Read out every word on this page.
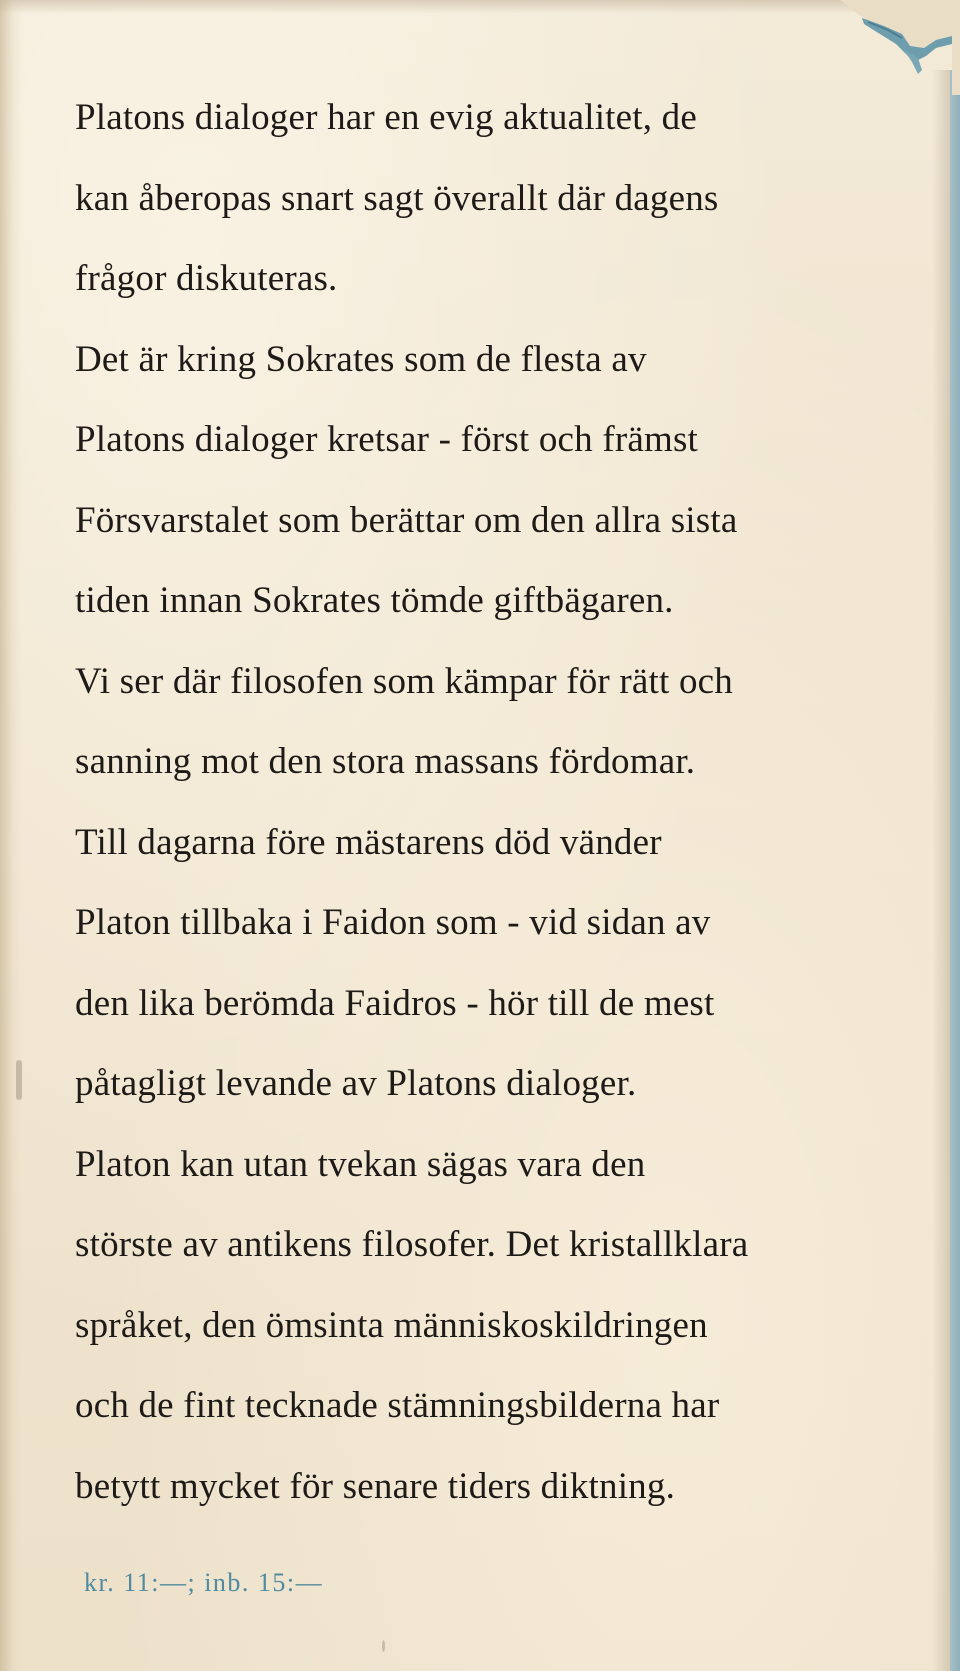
Platons dialoger har en evig aktualitet, de
kan åberopas snart sagt överallt där dagens
frågor diskuteras.
Det är kring Sokrates som de flesta av
Platons dialoger kretsar - först och främst
Försvarstalet som berättar om den allra sista
tiden innan Sokrates tömde giftbägaren.
Vi ser där filosofen som kämpar för rätt och
sanning mot den stora massans fördomar.
Till dagarna före mästarens död vänder
Platon tillbaka i Faidon som - vid sidan av
den lika berömda Faidros - hör till de mest
påtagligt levande av Platons dialoger.
Platon kan utan tvekan sägas vara den
störste av antikens filosofer. Det kristallklara
språket, den ömsinta människoskildringen
och de fint tecknade stämningsbilderna har
betytt mycket för senare tiders diktning.
kr. 11:—; inb. 15:—
